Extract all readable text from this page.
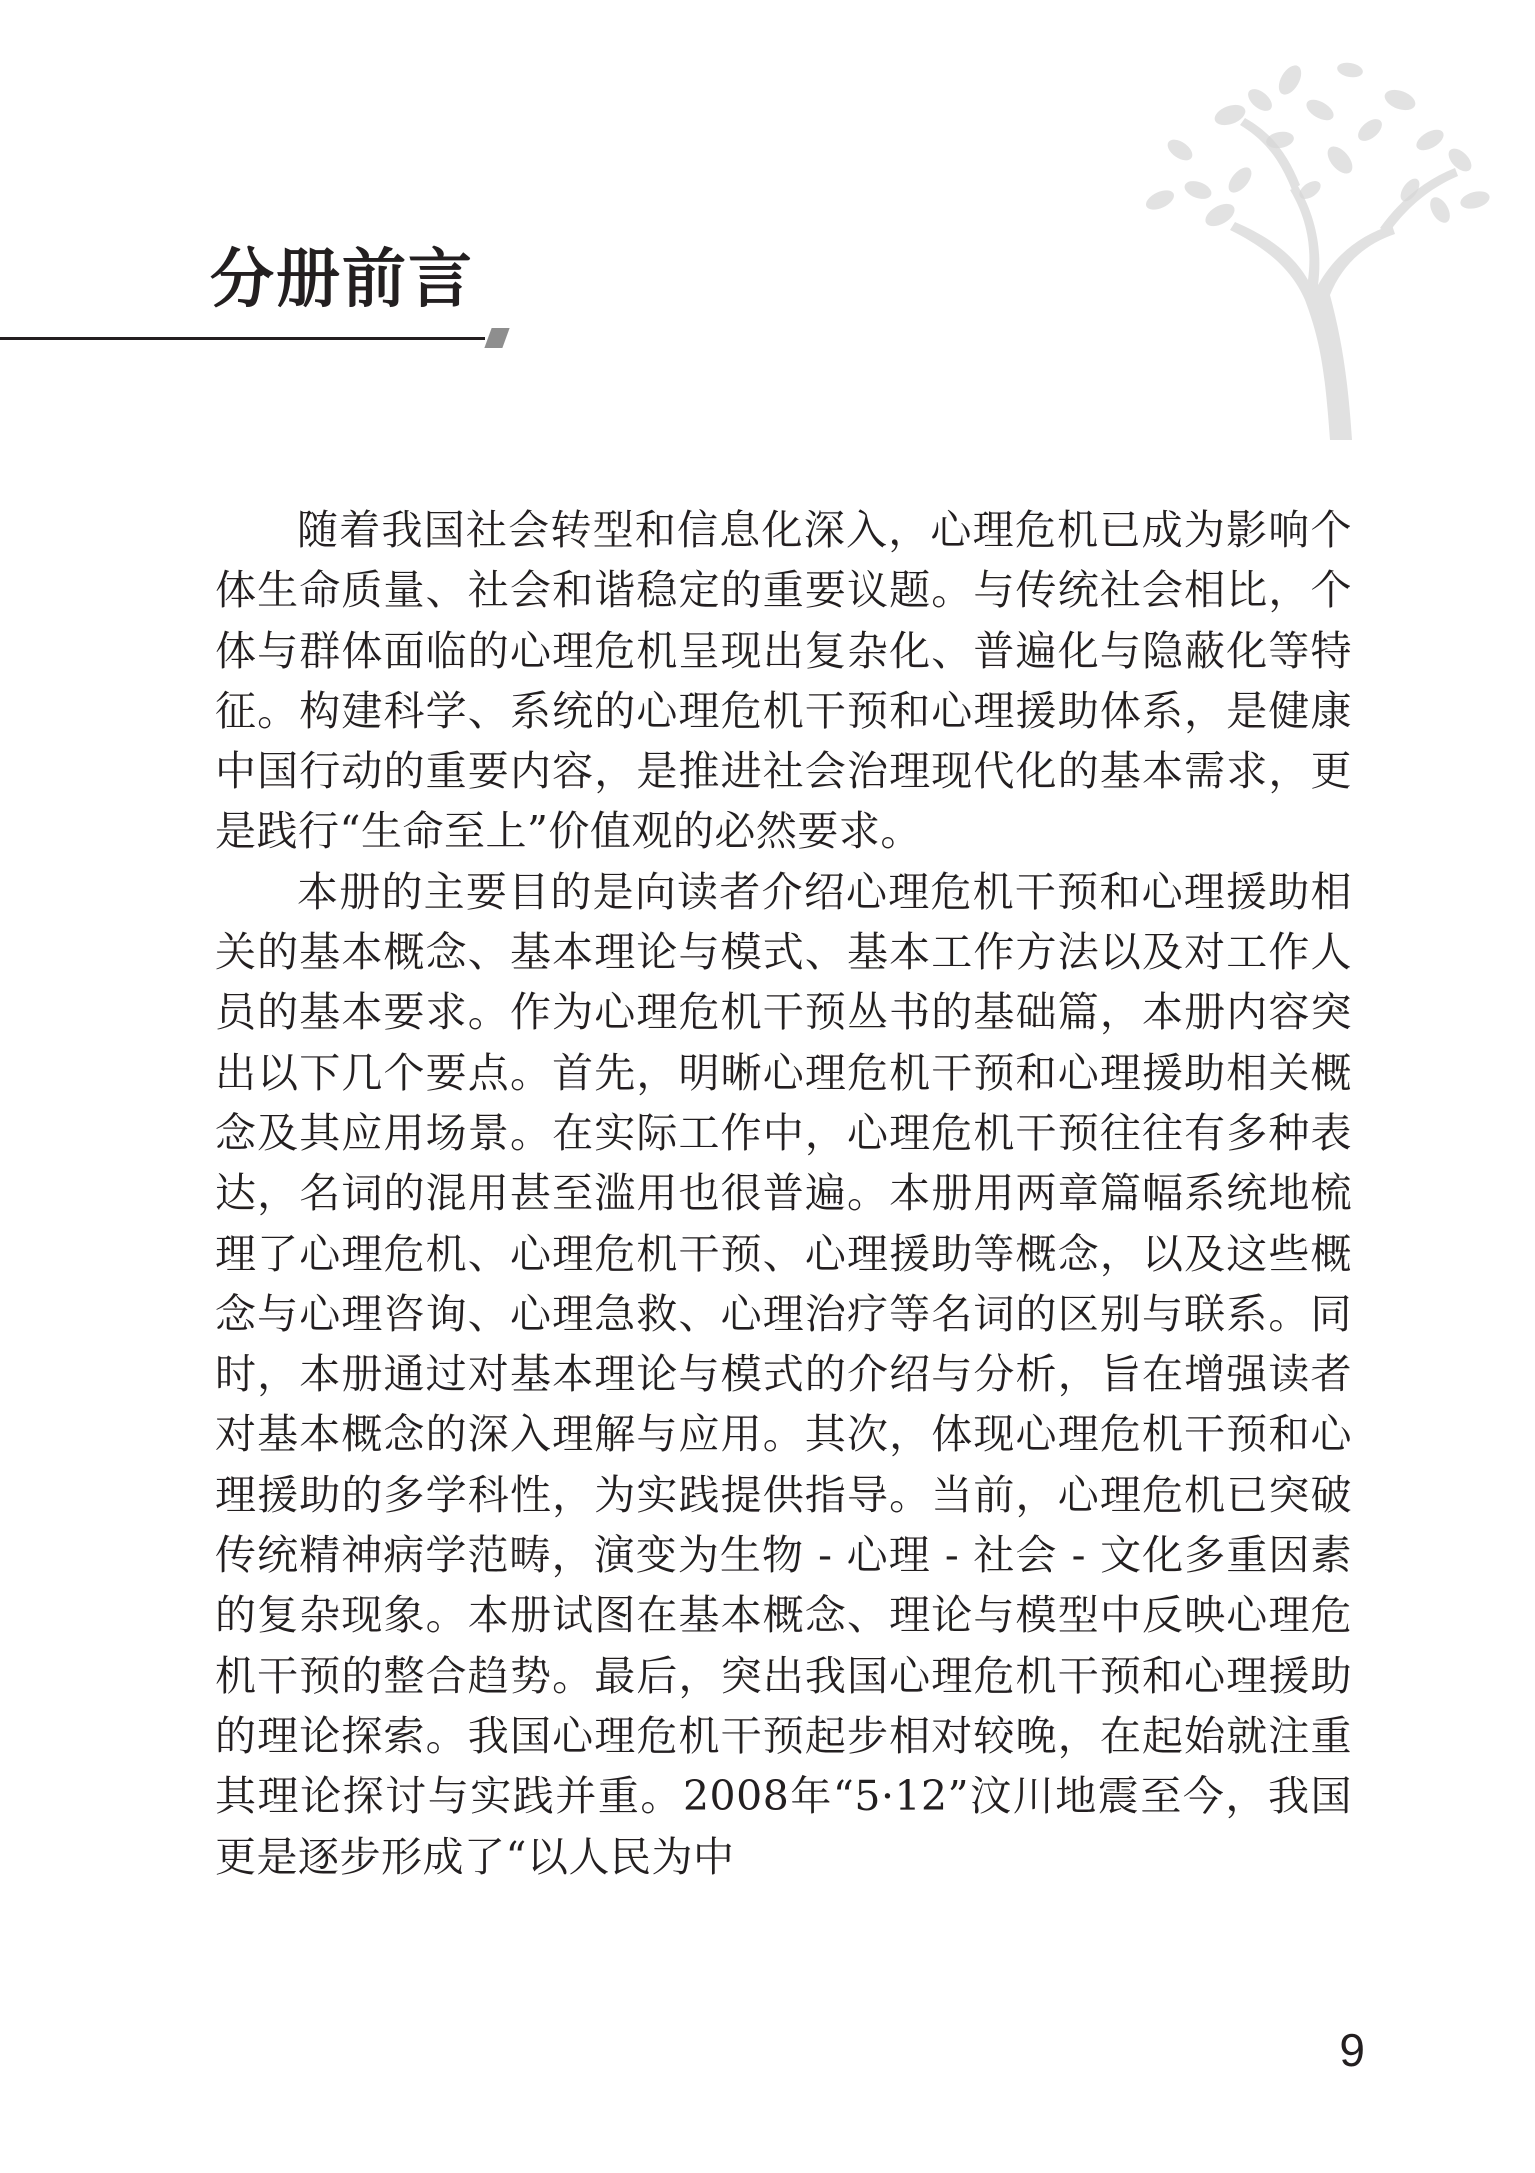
分册前言

随着我国社会转型和信息化深入，心理危机已成为影响个体生命质量、社会和谐稳定的重要议题。与传统社会相比，个体与群体面临的心理危机呈现出复杂化、普遍化与隐蔽化等特征。构建科学、系统的心理危机干预和心理援助体系，是健康中国行动的重要内容，是推进社会治理现代化的基本需求，更是践行“生命至上”价值观的必然要求。

本册的主要目的是向读者介绍心理危机干预和心理援助相关的基本概念、基本理论与模式、基本工作方法以及对工作人员的基本要求。作为心理危机干预丛书的基础篇，本册内容突出以下几个要点。首先，明晰心理危机干预和心理援助相关概念及其应用场景。在实际工作中，心理危机干预往往有多种表达，名词的混用甚至滥用也很普遍。本册用两章篇幅系统地梳理了心理危机、心理危机干预、心理援助等概念，以及这些概念与心理咨询、心理急救、心理治疗等名词的区别与联系。同时，本册通过对基本理论与模式的介绍与分析，旨在增强读者对基本概念的深入理解与应用。其次，体现心理危机干预和心理援助的多学科性，为实践提供指导。当前，心理危机已突破传统精神病学范畴，演变为生物 - 心理 - 社会 - 文化多重因素的复杂现象。本册试图在基本概念、理论与模型中反映心理危机干预的整合趋势。最后，突出我国心理危机干预和心理援助的理论探索。我国心理危机干预起步相对较晚，在起始就注重其理论探讨与实践并重。2008年“5·12”汶川地震至今，我国更是逐步形成了“以人民为中

9
